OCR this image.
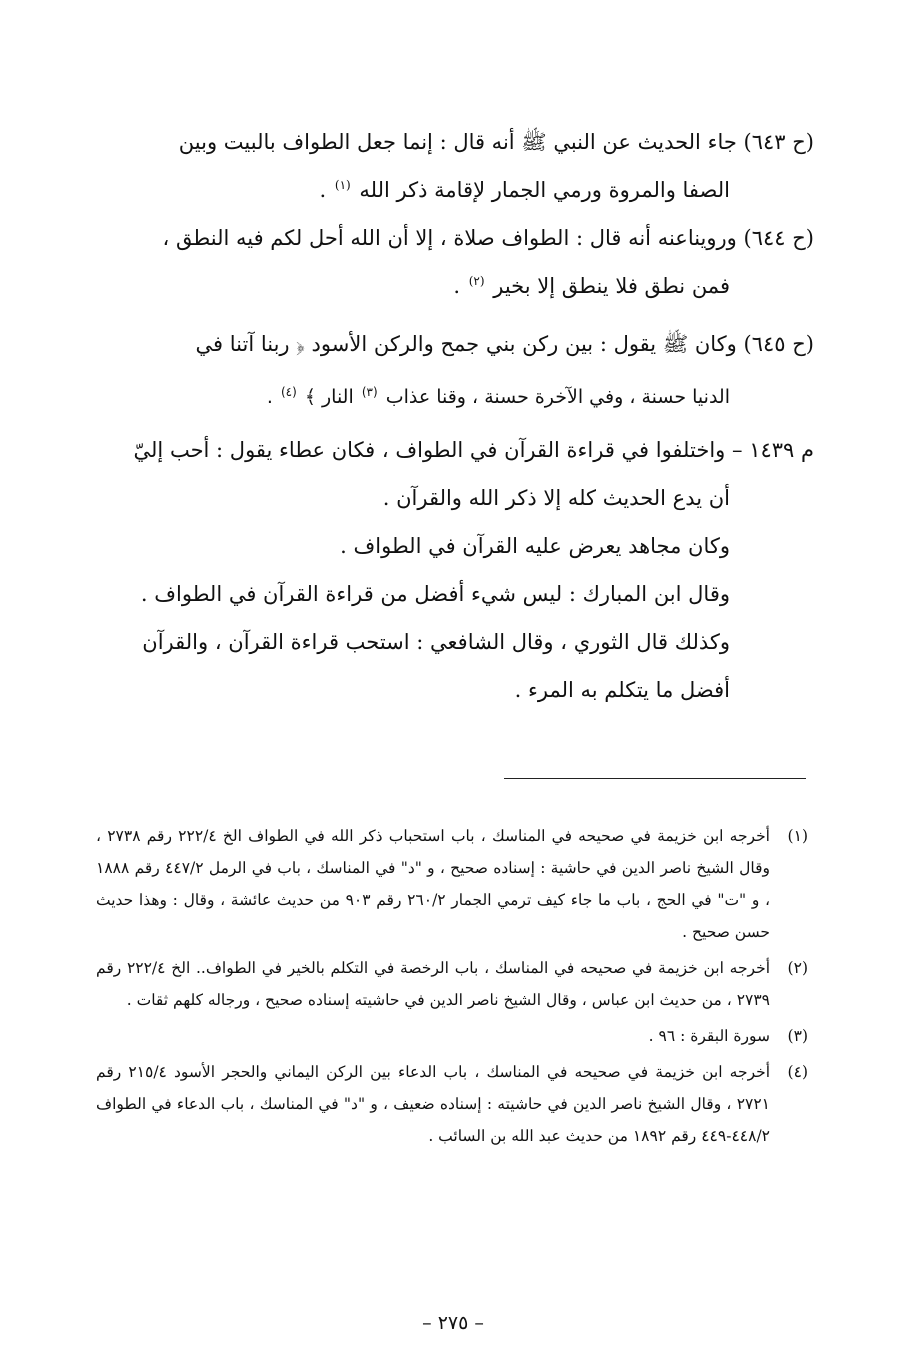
(ح ٦٤٣) جاء الحديث عن النبي ﷺ أنه قال : إنما جعل الطواف بالبيت وبين
الصفا والمروة ورمي الجمار لإقامة ذكر الله $^{(١)}$ .
(ح ٦٤٤) ورويناعنه أنه قال : الطواف صلاة ، إلا أن الله أحل لكم فيه النطق ،
فمن نطق فلا ينطق إلا بخير $^{(٢)}$ .
(ح ٦٤٥) وكان ﷺ يقول : بين ركن بني جمح والركن الأسود ﴿ ربنا آتنا في
الدنيا حسنة ، وفي الآخرة حسنة ، وقنا عذاب $^{(٣)}$ النار ﴾ $^{(٤)}$ .
م ١٤٣٩ – واختلفوا في قراءة القرآن في الطواف ، فكان عطاء يقول : أحب إليّ
أن يدع الحديث كله إلا ذكر الله والقرآن .
وكان مجاهد يعرض عليه القرآن في الطواف .
وقال ابن المبارك : ليس شيء أفضل من قراءة القرآن في الطواف .
وكذلك قال الثوري ، وقال الشافعي : استحب قراءة القرآن ، والقرآن
أفضل ما يتكلم به المرء .
(١)
أخرجه ابن خزيمة في صحيحه في المناسك ، باب استحباب ذكر الله في الطواف الخ ٢٢٢/٤ رقم ٢٧٣٨ ، وقال الشيخ ناصر الدين في حاشية : إسناده صحيح ، و "د" في المناسك ، باب في الرمل ٤٤٧/٢ رقم ١٨٨٨ ، و "ت" في الحج ، باب ما جاء كيف ترمي الجمار ٢٦٠/٢ رقم ٩٠٣ من حديث عائشة ، وقال : وهذا حديث حسن صحيح .
(٢)
أخرجه ابن خزيمة في صحيحه في المناسك ، باب الرخصة في التكلم بالخير في الطواف.. الخ ٢٢٢/٤ رقم ٢٧٣٩ ، من حديث ابن عباس ، وقال الشيخ ناصر الدين في حاشيته إسناده صحيح ، ورجاله كلهم ثقات .
(٣)
سورة البقرة : ٩٦ .
(٤)
أخرجه ابن خزيمة في صحيحه في المناسك ، باب الدعاء بين الركن اليماني والحجر الأسود ٢١٥/٤ رقم ٢٧٢١ ، وقال الشيخ ناصر الدين في حاشيته : إسناده ضعيف ، و "د" في المناسك ، باب الدعاء في الطواف ٤٤٨/٢-٤٤٩ رقم ١٨٩٢ من حديث عبد الله بن السائب .
– ٢٧٥ –
